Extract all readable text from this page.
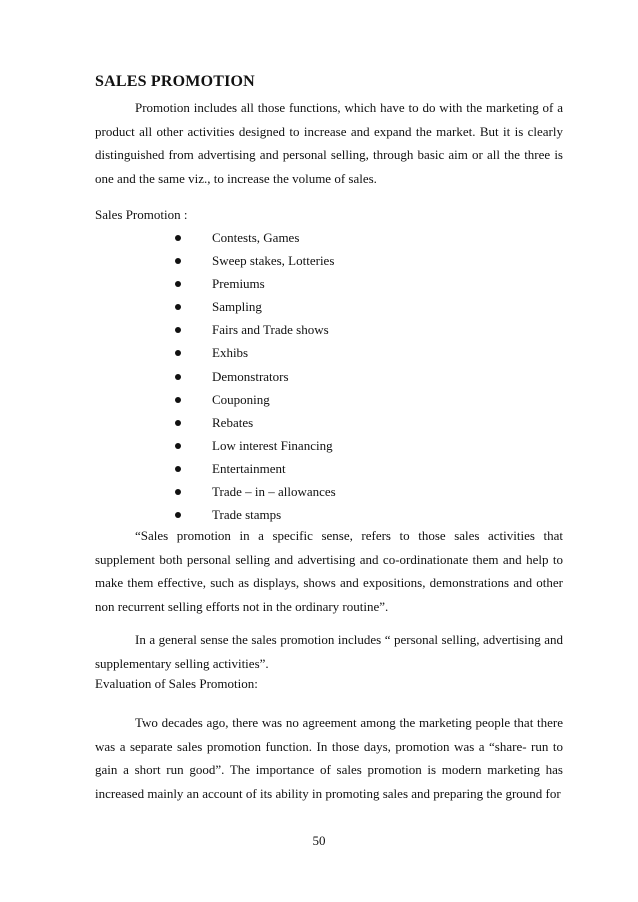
SALES PROMOTION

Promotion includes all those functions, which have to do with the marketing of a product all other activities designed to increase and expand the market. But it is clearly distinguished from advertising and personal selling, through basic aim or all the three is one and the same viz., to increase the volume of sales.

Sales Promotion :
Contests, Games
Sweep stakes, Lotteries
Premiums
Sampling
Fairs and Trade shows
Exhibs
Demonstrators
Couponing
Rebates
Low interest Financing
Entertainment
Trade – in – allowances
Trade stamps

“Sales promotion in a specific sense, refers to those sales activities that supplement both personal selling and advertising and co-ordinationate them and help to make them effective, such as displays, shows and expositions, demonstrations and other non recurrent selling efforts not in the ordinary routine”.

In a general sense the sales promotion includes “ personal selling, advertising and supplementary selling activities”.

Evaluation of Sales Promotion:

Two decades ago, there was no agreement among the marketing people that there was a separate sales promotion function. In those days, promotion was a “share- run to gain a short run good”. The importance of sales promotion is modern marketing has increased mainly an account of its ability in promoting sales and preparing the ground for

50
